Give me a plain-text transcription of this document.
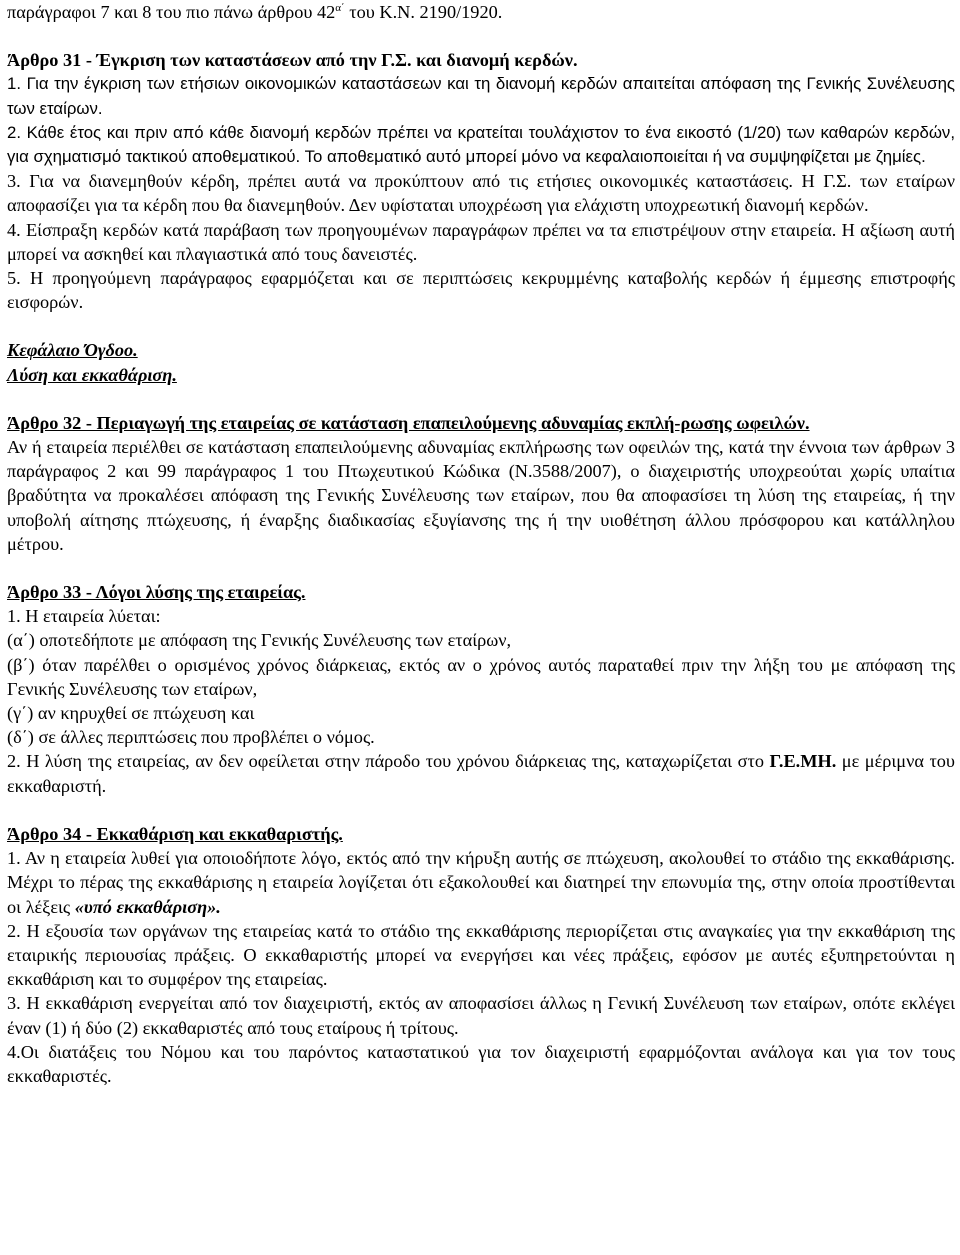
παράγραφοι 7 και 8 του πιο πάνω άρθρου $42^{\alpha΄}$ του Κ.Ν. 2190/1920.

Άρθρο 31 - Έγκριση των καταστάσεων από την Γ.Σ. και διανομή κερδών.

1. Για την έγκριση των ετήσιων οικονομικών καταστάσεων και τη διανομή κερδών απαιτείται απόφαση της Γενικής Συνέλευσης των εταίρων.

2. Κάθε έτος και πριν από κάθε διανομή κερδών πρέπει να κρατείται τουλάχιστον το ένα εικοστό (1/20) των καθαρών κερδών, για σχηματισμό τακτικού αποθεματικού. Το αποθεματικό αυτό μπορεί μόνο να κεφαλαιοποιείται ή να συμψηφίζεται με ζημίες.

3. Για να διανεμηθούν κέρδη, πρέπει αυτά να προκύπτουν από τις ετήσιες οικονομικές καταστάσεις. Η Γ.Σ. των εταίρων αποφασίζει για τα κέρδη που θα διανεμηθούν. Δεν υφίσταται υποχρέωση για ελάχιστη υποχρεωτική διανομή κερδών.

4. Είσπραξη κερδών κατά παράβαση των προηγουμένων παραγράφων πρέπει να τα επιστρέψουν στην εταιρεία. Η αξίωση αυτή μπορεί να ασκηθεί και πλαγιαστικά από τους δανειστές.

5. Η προηγούμενη παράγραφος εφαρμόζεται και σε περιπτώσεις κεκρυμμένης καταβολής κερδών ή έμμεσης επιστροφής εισφορών.

Κεφάλαιο Όγδοο.

Λύση και εκκαθάριση.

Άρθρο 32 - Περιαγωγή της εταιρείας σε κατάσταση επαπειλούμενης αδυναμίας εκπλή-ρωσης ωφειλών.

Αν ή εταιρεία περιέλθει σε κατάσταση επαπειλούμενης αδυναμίας εκπλήρωσης των οφειλών της, κατά την έννοια των άρθρων 3 παράγραφος 2 και 99 παράγραφος 1 του Πτωχευτικού Κώδικα (Ν.3588/2007), ο διαχειριστής υποχρεούται χωρίς υπαίτια βραδύτητα να προκαλέσει απόφαση της Γενικής Συνέλευσης των εταίρων, που θα αποφασίσει τη λύση της εταιρείας, ή την υποβολή αίτησης πτώχευσης, ή έναρξης διαδικασίας εξυγίανσης της ή την υιοθέτηση άλλου πρόσφορου και κατάλληλου μέτρου.

Άρθρο 33 - Λόγοι λύσης της εταιρείας.

1. Η εταιρεία λύεται:

(α΄) οποτεδήποτε με απόφαση της Γενικής Συνέλευσης των εταίρων,

(β΄) όταν παρέλθει ο ορισμένος χρόνος διάρκειας, εκτός αν ο χρόνος αυτός παραταθεί πριν την λήξη του με απόφαση της Γενικής Συνέλευσης των εταίρων,

(γ΄) αν κηρυχθεί σε πτώχευση και

(δ΄) σε άλλες περιπτώσεις που προβλέπει ο νόμος.

2. Η λύση της εταιρείας, αν δεν οφείλεται στην πάροδο του χρόνου διάρκειας της, καταχωρίζεται στο Γ.Ε.ΜΗ. με μέριμνα του εκκαθαριστή.

Άρθρο 34 - Εκκαθάριση και εκκαθαριστής.

1. Αν η εταιρεία λυθεί για οποιοδήποτε λόγο, εκτός από την κήρυξη αυτής σε πτώχευση, ακολουθεί το στάδιο της εκκαθάρισης. Μέχρι το πέρας της εκκαθάρισης η εταιρεία λογίζεται ότι εξακολουθεί και διατηρεί την επωνυμία της, στην οποία προστίθενται οι λέξεις «υπό εκκαθάριση».

2. Η εξουσία των οργάνων της εταιρείας κατά το στάδιο της εκκαθάρισης περιορίζεται στις αναγκαίες για την εκκαθάριση της εταιρικής περιουσίας πράξεις. Ο εκκαθαριστής μπορεί να ενεργήσει και νέες πράξεις, εφόσον με αυτές εξυπηρετούνται η εκκαθάριση και το συμφέρον της εταιρείας.

3. Η εκκαθάριση ενεργείται από τον διαχειριστή, εκτός αν αποφασίσει άλλως η Γενική Συνέλευση των εταίρων, οπότε εκλέγει έναν (1) ή δύο (2) εκκαθαριστές από τους εταίρους ή τρίτους.

4.Οι διατάξεις του Νόμου και του παρόντος καταστατικού για τον διαχειριστή εφαρμόζονται ανάλογα και για τον τους εκκαθαριστές.
